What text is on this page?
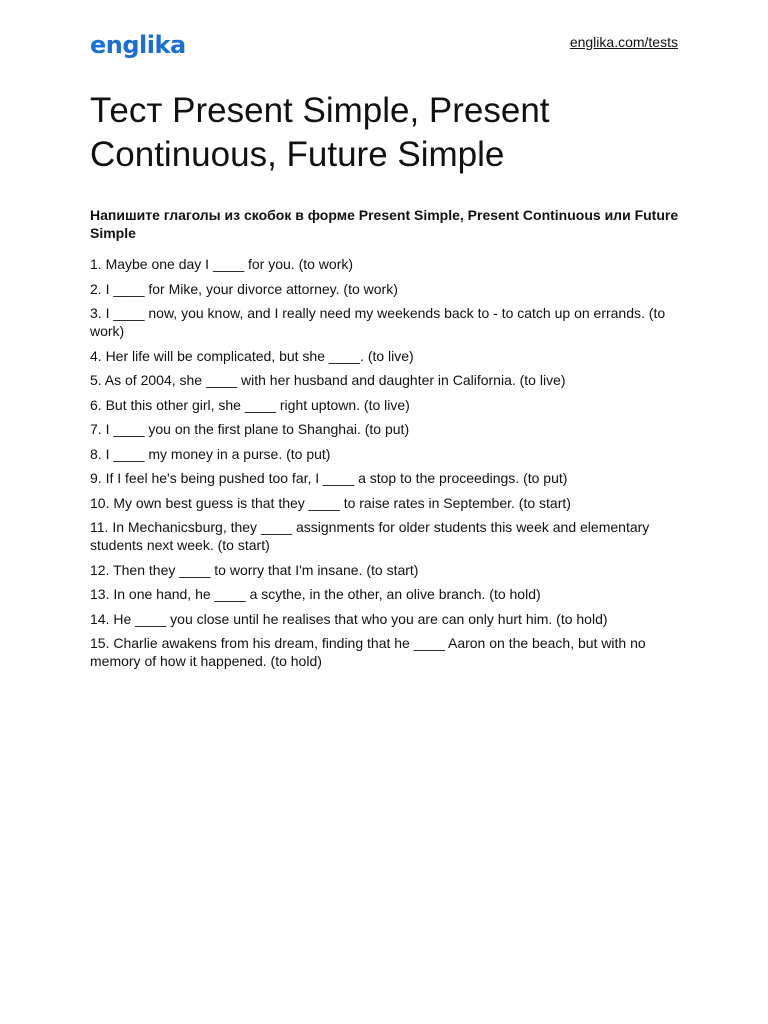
englika	englika.com/tests
Тест Present Simple, Present Continuous, Future Simple

Напишите глаголы из скобок в форме Present Simple, Present Continuous или Future Simple

1. Maybe one day I ____ for you. (to work)
2. I ____ for Mike, your divorce attorney. (to work)
3. I ____ now, you know, and I really need my weekends back to - to catch up on errands. (to work)
4. Her life will be complicated, but she ____. (to live)
5. As of 2004, she ____ with her husband and daughter in California. (to live)
6. But this other girl, she ____ right uptown. (to live)
7. I ____ you on the first plane to Shanghai. (to put)
8. I ____ my money in a purse. (to put)
9. If I feel he's being pushed too far, I ____ a stop to the proceedings. (to put)
10. My own best guess is that they ____ to raise rates in September. (to start)
11. In Mechanicsburg, they ____ assignments for older students this week and elementary students next week. (to start)
12. Then they ____ to worry that I'm insane. (to start)
13. In one hand, he ____ a scythe, in the other, an olive branch. (to hold)
14. He ____ you close until he realises that who you are can only hurt him. (to hold)
15. Charlie awakens from his dream, finding that he ____ Aaron on the beach, but with no memory of how it happened. (to hold)
